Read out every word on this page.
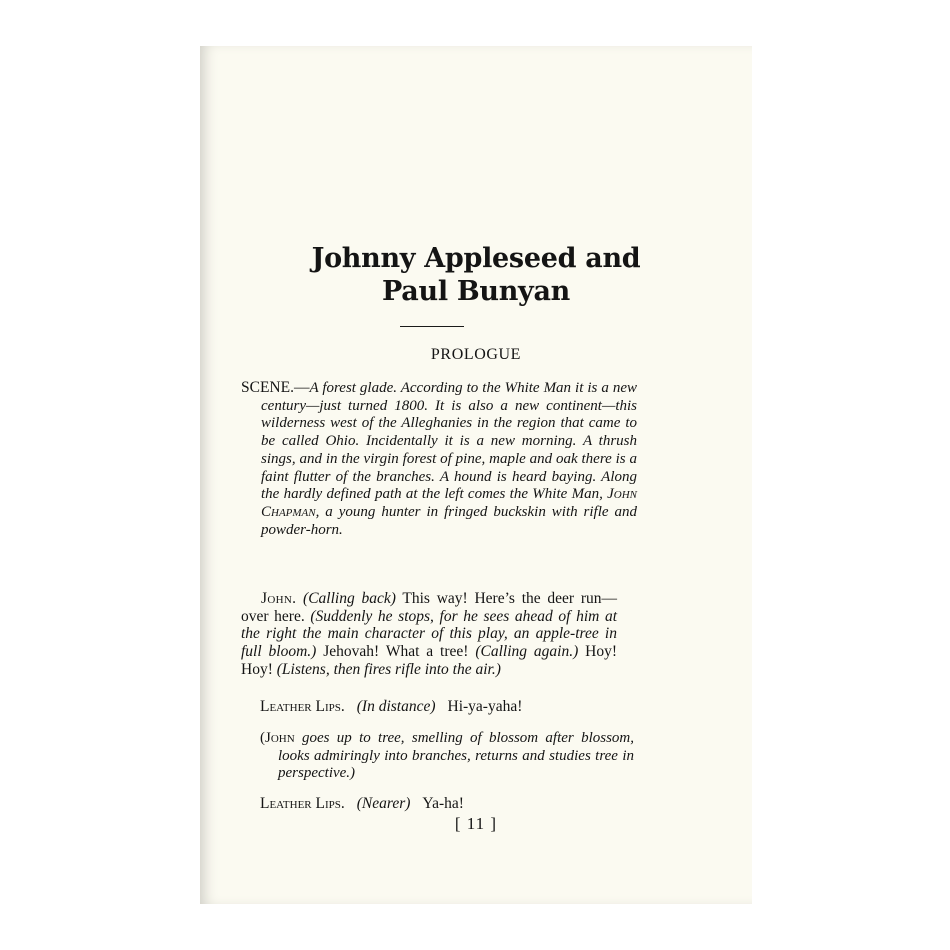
Johnny Appleseed and
Paul Bunyan
PROLOGUE

SCENE.—A forest glade. According to the White Man it is a new century—just turned 1800. It is also a new continent—this wilderness west of the Alleghanies in the region that came to be called Ohio. Incidentally it is a new morning. A thrush sings, and in the virgin forest of pine, maple and oak there is a faint flutter of the branches. A hound is heard baying. Along the hardly defined path at the left comes the White Man, John Chapman, a young hunter in fringed buckskin with rifle and powder-horn.

John. (Calling back) This way! Here’s the deer run—over here. (Suddenly he stops, for he sees ahead of him at the right the main character of this play, an apple-tree in full bloom.) Jehovah! What a tree! (Calling again.) Hoy! Hoy! (Listens, then fires rifle into the air.)

Leather Lips. (In distance) Hi-ya-yaha!

(John goes up to tree, smelling of blossom after blossom, looks admiringly into branches, returns and studies tree in perspective.)

Leather Lips. (Nearer) Ya-ha!

[ 11 ]
